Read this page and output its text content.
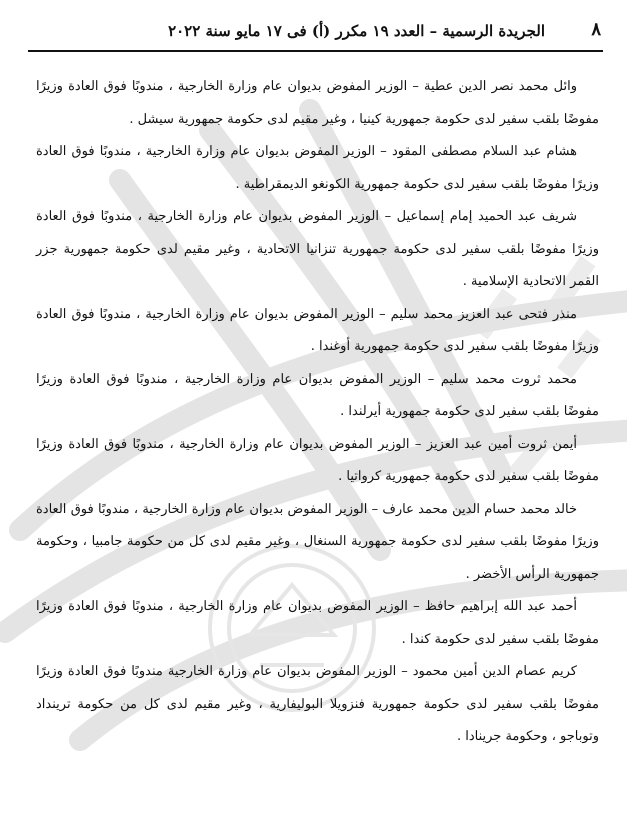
٨
الجريدة الرسمية – العدد ١٩ مكرر (أ) فى ١٧ مايو سنة ٢٠٢٢

وائل محمد نصر الدين عطية – الوزير المفوض بديوان عام وزارة الخارجية ، مندوبًا فوق العادة وزيرًا مفوضًا بلقب سفير لدى حكومة جمهورية كينيا ، وغير مقيم لدى حكومة جمهورية سيشل .

هشام عبد السلام مصطفى المقود – الوزير المفوض بديوان عام وزارة الخارجية ، مندوبًا فوق العادة وزيرًا مفوضًا بلقب سفير لدى حكومة جمهورية الكونغو الديمقراطية .

شريف عبد الحميد إمام إسماعيل – الوزير المفوض بديوان عام وزارة الخارجية ، مندوبًا فوق العادة وزيرًا مفوضًا بلقب سفير لدى حكومة جمهورية تنزانيا الاتحادية ، وغير مقيم لدى حكومة جمهورية جزر القمر الاتحادية الإسلامية .

منذر فتحى عبد العزيز محمد سليم – الوزير المفوض بديوان عام وزارة الخارجية ، مندوبًا فوق العادة وزيرًا مفوضًا بلقب سفير لدى حكومة جمهورية أوغندا .

محمد ثروت محمد سليم – الوزير المفوض بديوان عام وزارة الخارجية ، مندوبًا فوق العادة وزيرًا مفوضًا بلقب سفير لدى حكومة جمهورية أيرلندا .

أيمن ثروت أمين عبد العزيز – الوزير المفوض بديوان عام وزارة الخارجية ، مندوبًا فوق العادة وزيرًا مفوضًا بلقب سفير لدى حكومة جمهورية كرواتيا .

خالد محمد حسام الدين محمد عارف – الوزير المفوض بديوان عام وزارة الخارجية ، مندوبًا فوق العادة وزيرًا مفوضًا بلقب سفير لدى حكومة جمهورية السنغال ، وغير مقيم لدى كل من حكومة جامبيا ، وحكومة جمهورية الرأس الأخضر .

أحمد عبد الله إبراهيم حافظ – الوزير المفوض بديوان عام وزارة الخارجية ، مندوبًا فوق العادة وزيرًا مفوضًا بلقب سفير لدى حكومة كندا .

كريم عصام الدين أمين محمود – الوزير المفوض بديوان عام وزارة الخارجية مندوبًا فوق العادة وزيرًا مفوضًا بلقب سفير لدى حكومة جمهورية فنزويلا البوليفارية ، وغير مقيم لدى كل من حكومة ترينداد وتوباجو ، وحكومة جرينادا .
